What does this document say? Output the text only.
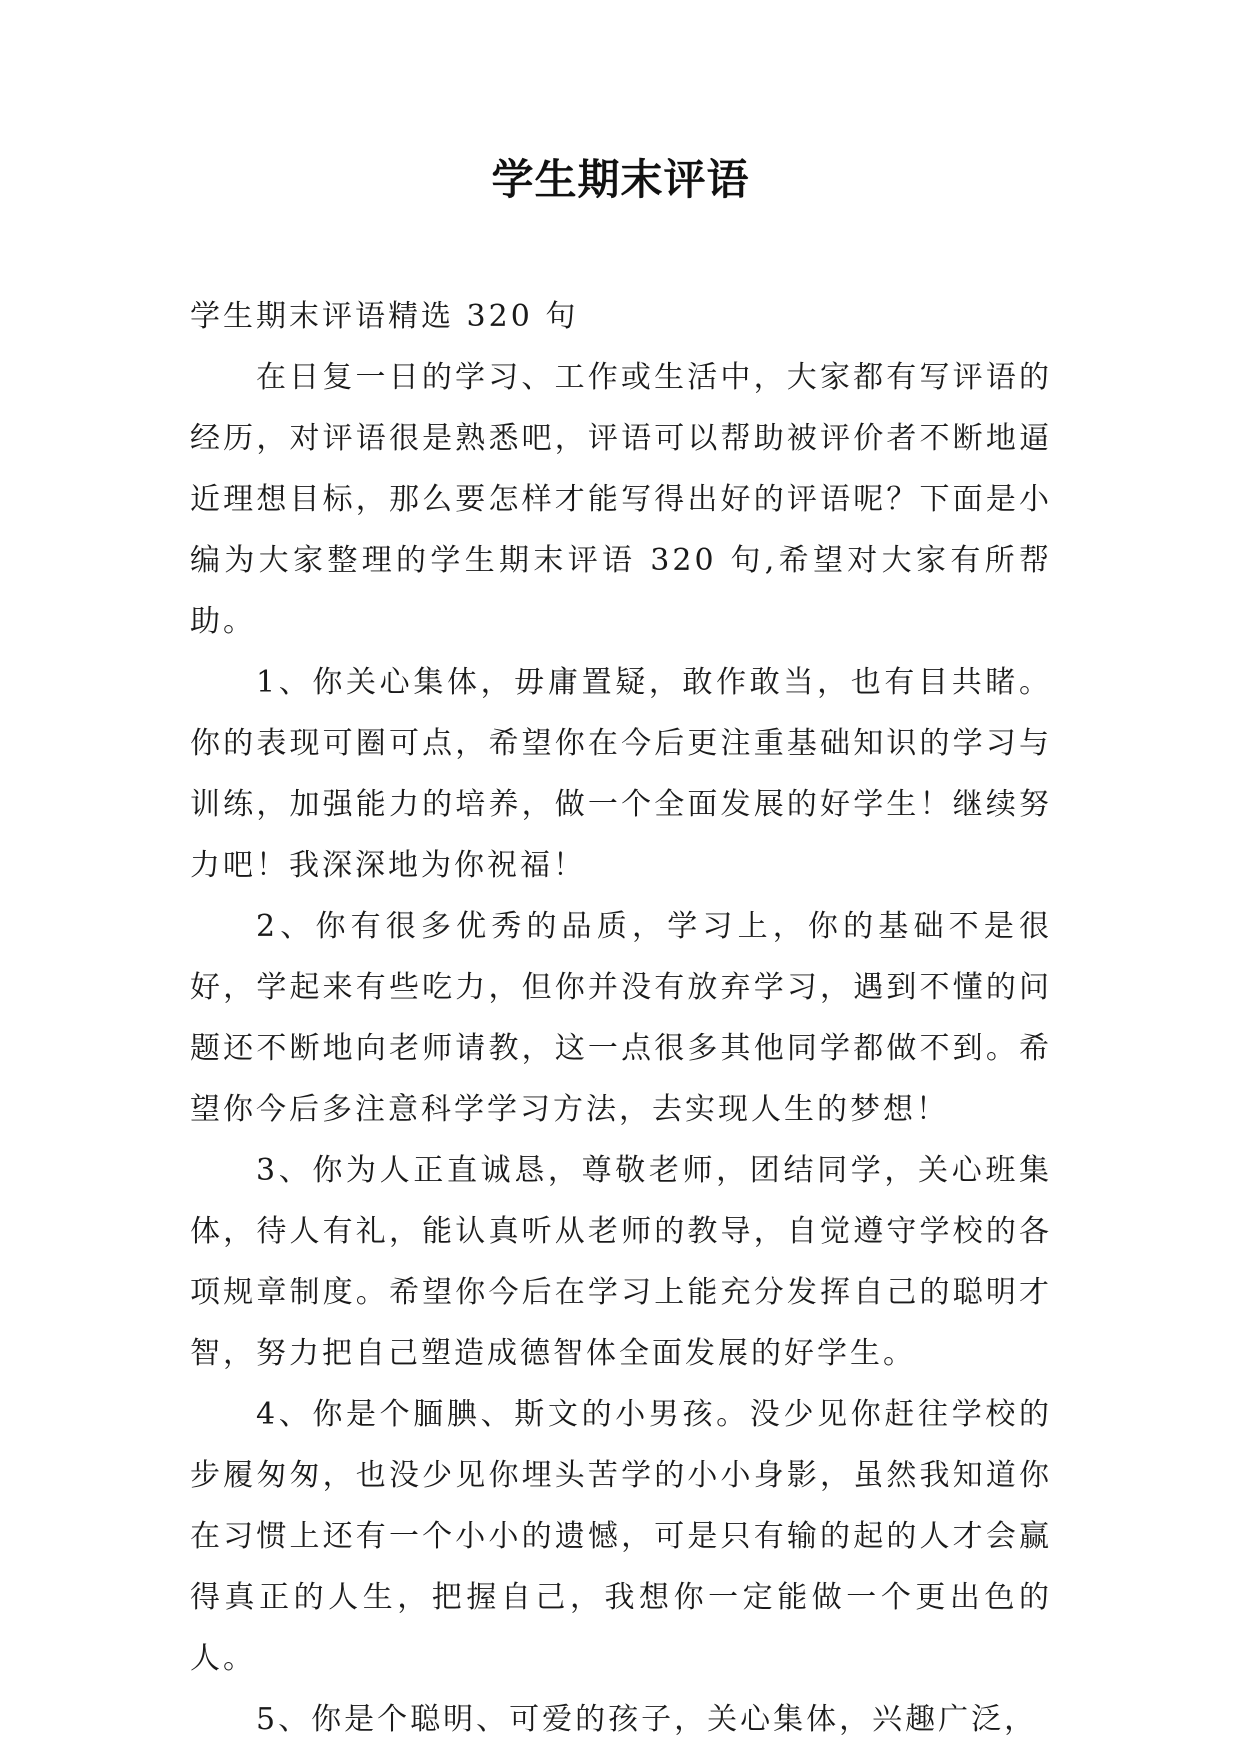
学生期末评语

学生期末评语精选 320 句

在日复一日的学习、工作或生活中，大家都有写评语的经历，对评语很是熟悉吧，评语可以帮助被评价者不断地逼近理想目标，那么要怎样才能写得出好的评语呢？下面是小编为大家整理的学生期末评语 320 句,希望对大家有所帮助。

1、你关心集体，毋庸置疑，敢作敢当，也有目共睹。你的表现可圈可点，希望你在今后更注重基础知识的学习与训练，加强能力的培养，做一个全面发展的好学生！继续努力吧！我深深地为你祝福！

2、你有很多优秀的品质，学习上，你的基础不是很好，学起来有些吃力，但你并没有放弃学习，遇到不懂的问题还不断地向老师请教，这一点很多其他同学都做不到。希望你今后多注意科学学习方法，去实现人生的梦想！

3、你为人正直诚恳，尊敬老师，团结同学，关心班集体，待人有礼，能认真听从老师的教导，自觉遵守学校的各项规章制度。希望你今后在学习上能充分发挥自己的聪明才智，努力把自己塑造成德智体全面发展的好学生。

4、你是个腼腆、斯文的小男孩。没少见你赶往学校的步履匆匆，也没少见你埋头苦学的小小身影，虽然我知道你在习惯上还有一个小小的遗憾，可是只有输的起的人才会赢得真正的人生，把握自己，我想你一定能做一个更出色的人。

5、你是个聪明、可爱的孩子，关心集体，兴趣广泛，
